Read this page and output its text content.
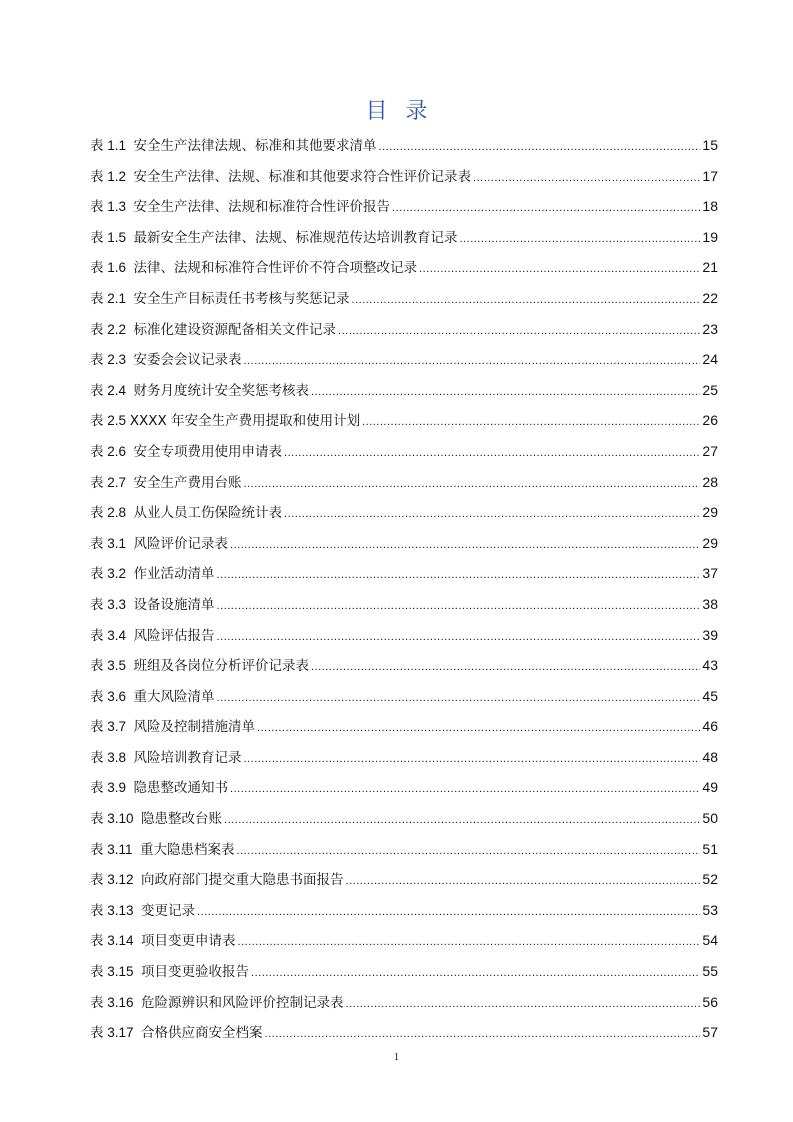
目录
表 1.1 安全生产法律法规、标准和其他要求清单 .....	15
表 1.2 安全生产法律、法规、标准和其他要求符合性评价记录表 .....	17
表 1.3 安全生产法律、法规和标准符合性评价报告 .....	18
表 1.5 最新安全生产法律、法规、标准规范传达培训教育记录 .....	19
表 1.6 法律、法规和标准符合性评价不符合项整改记录 .....	21
表 2.1 安全生产目标责任书考核与奖惩记录 .....	22
表 2.2 标准化建设资源配备相关文件记录 .....	23
表 2.3 安委会会议记录表 .....	24
表 2.4 财务月度统计安全奖惩考核表 .....	25
表 2.5 XXXX 年安全生产费用提取和使用计划 .....	26
表 2.6 安全专项费用使用申请表 .....	27
表 2.7 安全生产费用台账 .....	28
表 2.8 从业人员工伤保险统计表 .....	29
表 3.1 风险评价记录表 .....	29
表 3.2 作业活动清单 .....	37
表 3.3 设备设施清单 .....	38
表 3.4 风险评估报告 .....	39
表 3.5 班组及各岗位分析评价记录表 .....	43
表 3.6 重大风险清单 .....	45
表 3.7 风险及控制措施清单 .....	46
表 3.8 风险培训教育记录 .....	48
表 3.9 隐患整改通知书 .....	49
表 3.10 隐患整改台账 .....	50
表 3.11 重大隐患档案表 .....	51
表 3.12 向政府部门提交重大隐患书面报告 .....	52
表 3.13 变更记录 .....	53
表 3.14 项目变更申请表 .....	54
表 3.15 项目变更验收报告 .....	55
表 3.16 危险源辨识和风险评价控制记录表 .....	56
表 3.17 合格供应商安全档案 .....	57
1
